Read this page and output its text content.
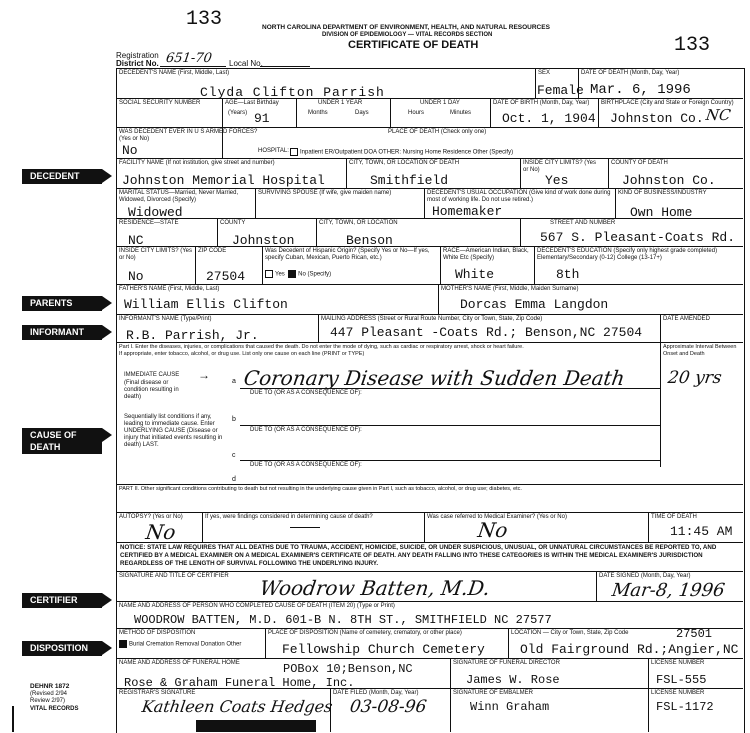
133
133
NORTH CAROLINA DEPARTMENT OF ENVIRONMENT, HEALTH, AND NATURAL RESOURCES
DIVISION OF EPIDEMIOLOGY — VITAL RECORDS SECTION
CERTIFICATE OF DEATH
Registration
District No. 651-70 Local No.
DECEDENT
PARENTS
INFORMANT
CAUSE OF
DEATH
CERTIFIER
DISPOSITION
DECEDENT'S NAME (First, Middle, Last)
Clyda Clifton Parrish
SEX
Female
DATE OF DEATH (Month, Day, Year)
Mar. 6, 1996
SOCIAL SECURITY NUMBER	AGE—Last Birthday
(Years) 91
UNDER 1 YEAR
Months	Days
UNDER 1 DAY
Hours	Minutes
DATE OF BIRTH (Month, Day, Year)
Oct. 1, 1904
BIRTHPLACE (City and State or Foreign Country)
Johnston Co. NC
WAS DECEDENT EVER IN U S ARMED FORCES? (Yes or No)
No
PLACE OF DEATH (Check only one)
HOSPITAL:	Inpatient ER/Outpatient DOA OTHER: Nursing Home Residence Other (Specify)
FACILITY NAME (If not institution, give street and number)
Johnston Memorial Hospital
CITY, TOWN, OR LOCATION OF DEATH
Smithfield
INSIDE CITY LIMITS? (Yes or No)
Yes
COUNTY OF DEATH
Johnston Co.
MARITAL STATUS—Married, Never Married, Widowed, Divorced (Specify)
Widowed
SURVIVING SPOUSE (If wife, give maiden name)	DECEDENT'S USUAL OCCUPATION (Give kind of work done during most of working life. Do not use retired.)
Homemaker
KIND OF BUSINESS/INDUSTRY
Own Home
RESIDENCE—STATE
NC
COUNTY
Johnston
CITY, TOWN, OR LOCATION
Benson
STREET AND NUMBER
567 S. Pleasant-Coats Rd.
INSIDE CITY LIMITS? (Yes or No)
No
ZIP CODE
27504
Was Decedent of Hispanic Origin? (Specify Yes or No—If yes, specify Cuban, Mexican, Puerto Rican, etc.)
Yes No (Specify)
RACE—American Indian, Black, White Etc (Specify)
White
DECEDENT'S EDUCATION (Specify only highest grade completed) Elementary/Secondary (0-12) College (13-17+)
8th
FATHER'S NAME (First, Middle, Last)
William Ellis Clifton
MOTHER'S NAME (First, Middle, Maiden Surname)
Dorcas Emma Langdon
INFORMANT'S NAME (Type/Print)
R.B. Parrish, Jr.
MAILING ADDRESS (Street or Rural Route Number, City or Town, State, Zip Code)
447 Pleasant -Coats Rd.; Benson,NC 27504
DATE AMENDED
Part I. Enter the diseases, injuries, or complications that caused the death. Do not enter the mode of dying, such as cardiac or respiratory arrest, shock or heart failure.
If appropriate, enter tobacco, alcohol, or drug use. List only one cause on each line (PRINT or TYPE)
Approximate Interval Between Onset and Death
IMMEDIATE CAUSE
(Final disease or condition resulting in death)
→	a Coronary Disease with Sudden Death 20 yrs
DUE TO (OR AS A CONSEQUENCE OF):
Sequentially list conditions if any, leading to immediate cause. Enter UNDERLYING CAUSE (Disease or injury that initiated events resulting in death) LAST.
b
DUE TO (OR AS A CONSEQUENCE OF):
c
DUE TO (OR AS A CONSEQUENCE OF):
d
PART II. Other significant conditions contributing to death but not resulting in the underlying cause given in Part I, such as tobacco, alcohol, or drug use; diabetes, etc.
AUTOPSY? (Yes or No)
No
If yes, were findings considered in determining cause of death?	Was case referred to Medical Examiner? (Yes or No)
No
TIME OF DEATH
11:45 AM
NOTICE: STATE LAW REQUIRES THAT ALL DEATHS DUE TO TRAUMA, ACCIDENT, HOMICIDE, SUICIDE, OR UNDER SUSPICIOUS, UNUSUAL, OR UNNATURAL CIRCUMSTANCES BE REPORTED TO, AND CERTIFIED BY A MEDICAL EXAMINER ON A MEDICAL EXAMINER'S CERTIFICATE OF DEATH. ANY DEATH FALLING INTO THESE CATEGORIES IS WITHIN THE MEDICAL EXAMINER'S JURISDICTION REGARDLESS OF THE LENGTH OF SURVIVAL FOLLOWING THE UNDERLYING INJURY.
SIGNATURE AND TITLE OF CERTIFIER Woodrow Batten, M.D.	DATE SIGNED (Month, Day, Year)
Mar-8, 1996
NAME AND ADDRESS OF PERSON WHO COMPLETED CAUSE OF DEATH (ITEM 20) (Type or Print)
WOODROW BATTEN, M.D. 601-B N. 8TH ST., SMITHFIELD NC 27577
METHOD OF DISPOSITION
Burial Cremation Removal Donation Other
PLACE OF DISPOSITION (Name of cemetery, crematory, or other place)
Fellowship Church Cemetery
LOCATION — City or Town, State, Zip Code	27501
Old Fairground Rd.;Angier,NC
NAME AND ADDRESS OF FUNERAL HOME	POBox 10;Benson,NC
Rose & Graham Funeral Home, Inc.
SIGNATURE OF FUNERAL DIRECTOR
James W. Rose
LICENSE NUMBER
FSL-555
REGISTRAR'S SIGNATURE
Kathleen Coats Hedges
DATE FILED (Month, Day, Year)
03-08-96
SIGNATURE OF EMBALMER
Winn Graham
LICENSE NUMBER
FSL-1172
DEHNR 1872
(Revised 2/94
Review 2/97)
VITAL RECORDS
